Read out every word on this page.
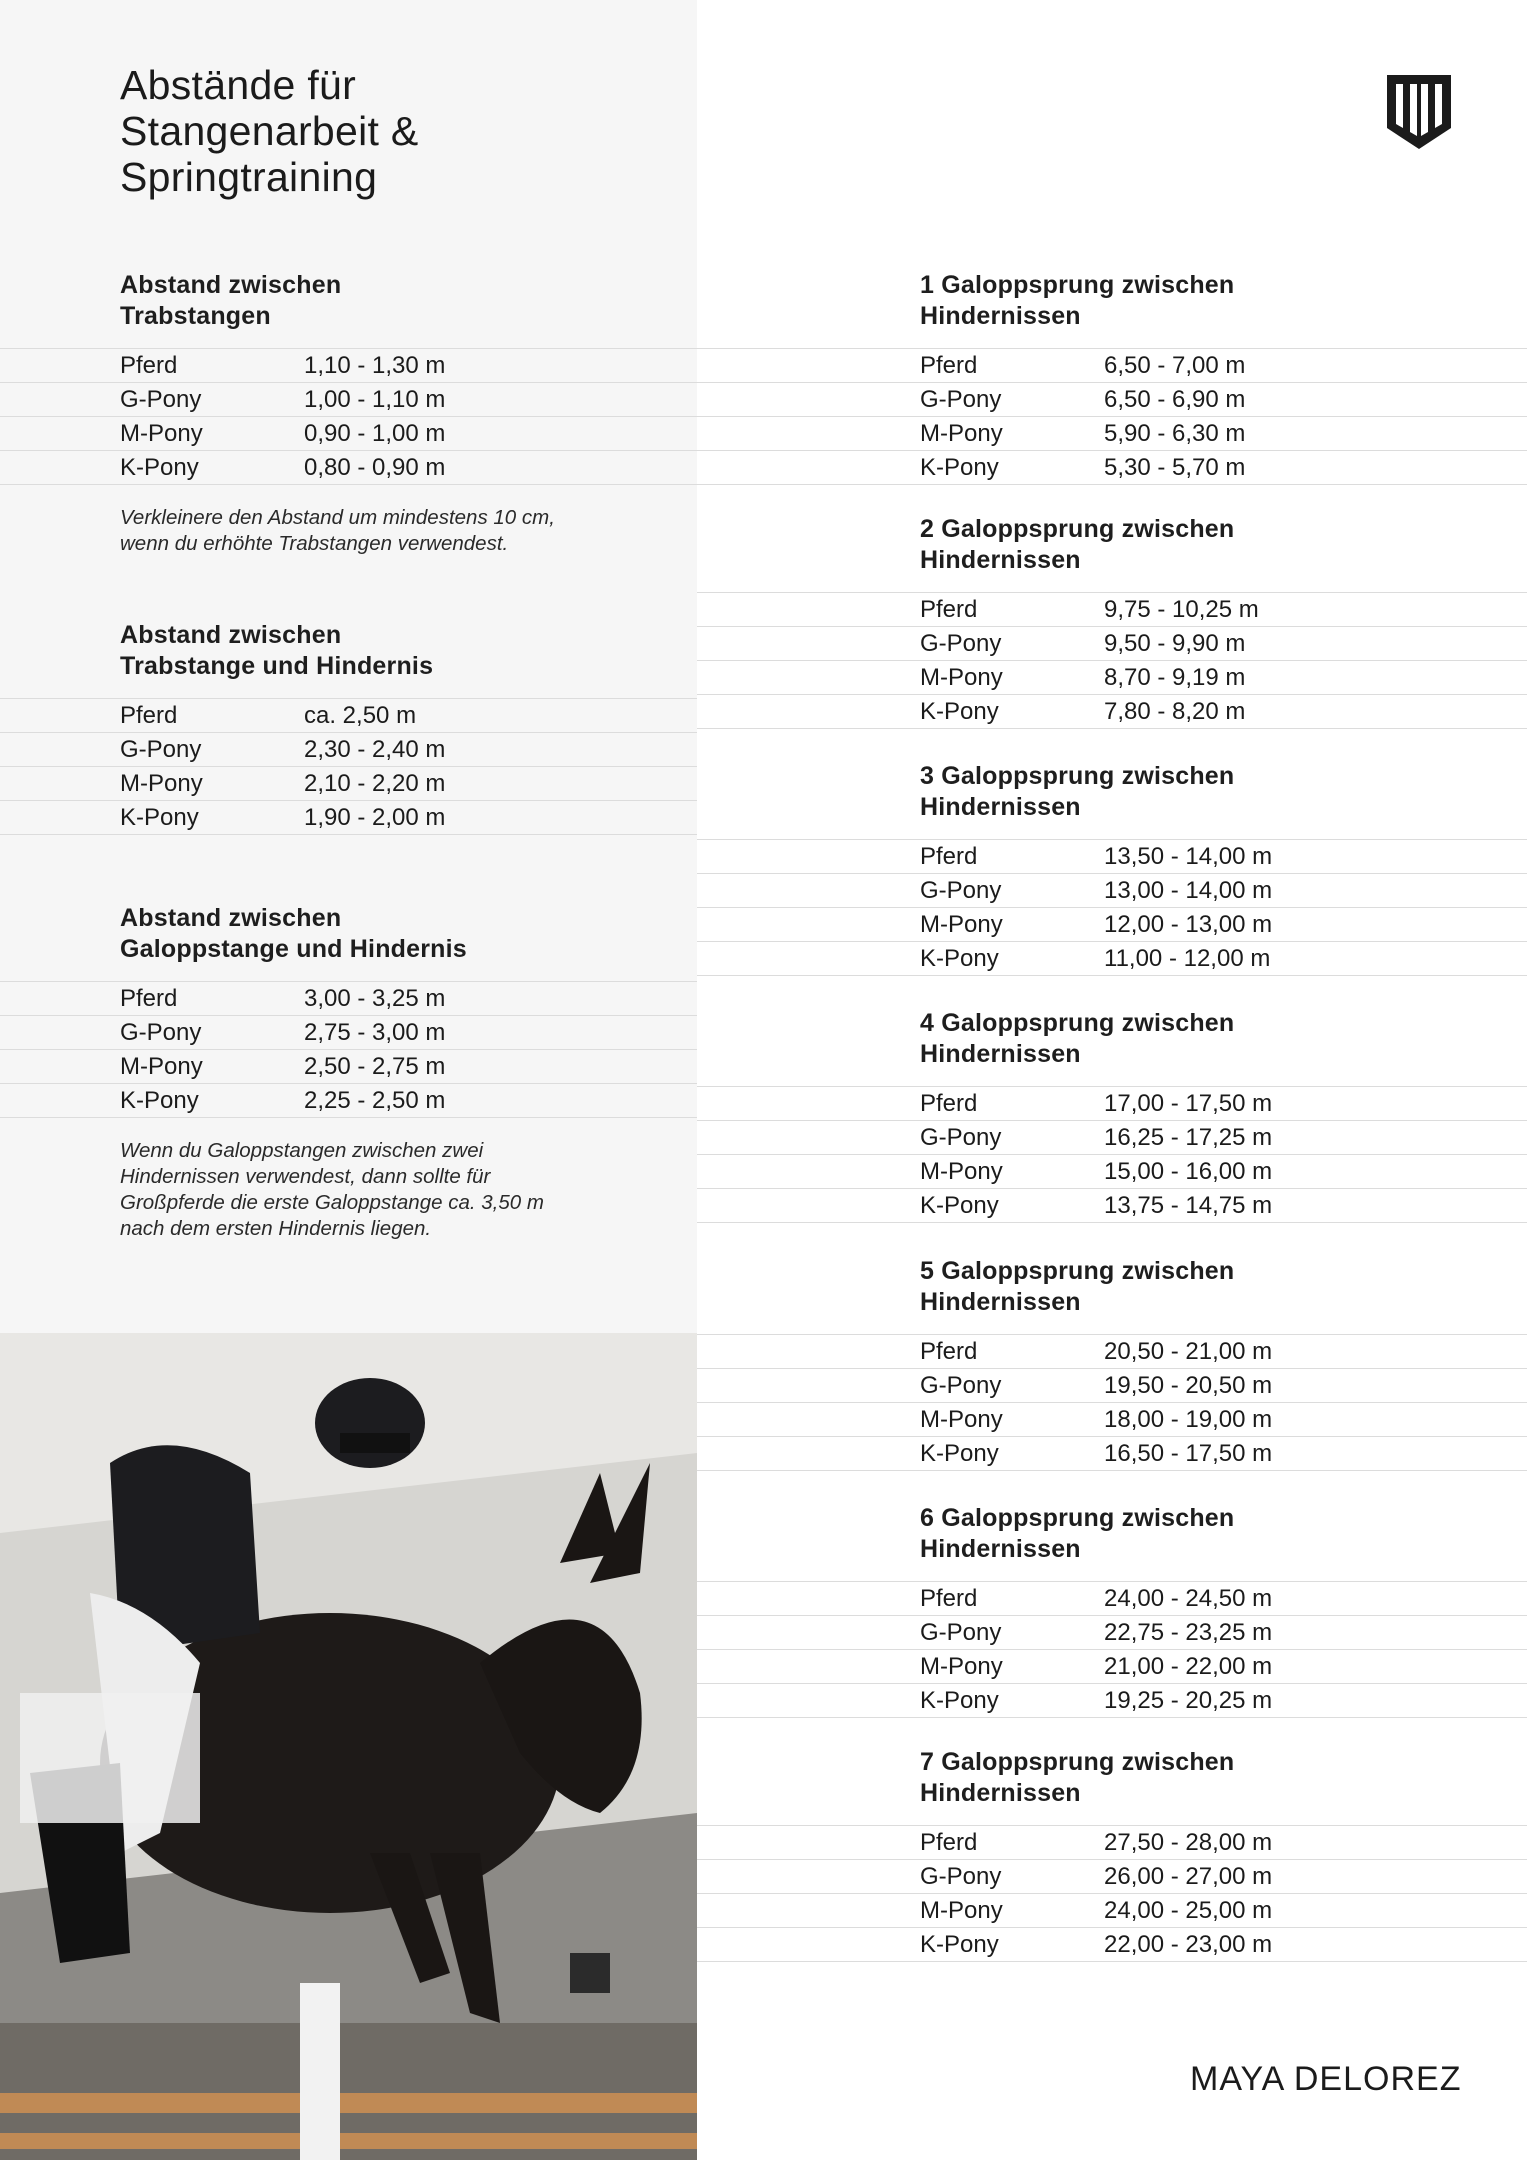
Abstände für
Stangenarbeit &
Springtraining
Abstand zwischen
Trabstangen
Pferd	1,10 - 1,30 m
G-Pony	1,00 - 1,10 m
M-Pony	0,90 - 1,00 m
K-Pony	0,80 - 0,90 m
Verkleinere den Abstand um mindestens 10 cm,
wenn du erhöhte Trabstangen verwendest.
Abstand zwischen
Trabstange und Hindernis
Pferd	ca. 2,50 m
G-Pony	2,30 - 2,40 m
M-Pony	2,10 - 2,20 m
K-Pony	1,90 - 2,00 m
Abstand zwischen
Galoppstange und Hindernis
Pferd	3,00 - 3,25 m
G-Pony	2,75 - 3,00 m
M-Pony	2,50 - 2,75 m
K-Pony	2,25 - 2,50 m
Wenn du Galoppstangen zwischen zwei
Hindernissen verwendest, dann sollte für
Großpferde die erste Galoppstange ca. 3,50 m
nach dem ersten Hindernis liegen.
1 Galoppsprung zwischen
Hindernissen
Pferd	6,50 - 7,00 m
G-Pony	6,50 - 6,90 m
M-Pony	5,90 - 6,30 m
K-Pony	5,30 - 5,70 m
2 Galoppsprung zwischen
Hindernissen
Pferd	9,75 - 10,25 m
G-Pony	9,50 - 9,90 m
M-Pony	8,70 - 9,19 m
K-Pony	7,80 - 8,20 m
3 Galoppsprung zwischen
Hindernissen
Pferd	13,50 - 14,00 m
G-Pony	13,00 - 14,00 m
M-Pony	12,00 - 13,00 m
K-Pony	11,00 - 12,00 m
4 Galoppsprung zwischen
Hindernissen
Pferd	17,00 - 17,50 m
G-Pony	16,25 - 17,25 m
M-Pony	15,00 - 16,00 m
K-Pony	13,75 - 14,75 m
5 Galoppsprung zwischen
Hindernissen
Pferd	20,50 - 21,00 m
G-Pony	19,50 - 20,50 m
M-Pony	18,00 - 19,00 m
K-Pony	16,50 - 17,50 m
6 Galoppsprung zwischen
Hindernissen
Pferd	24,00 - 24,50 m
G-Pony	22,75 - 23,25 m
M-Pony	21,00 - 22,00 m
K-Pony	19,25 - 20,25 m
7 Galoppsprung zwischen
Hindernissen
Pferd	27,50 - 28,00 m
G-Pony	26,00 - 27,00 m
M-Pony	24,00 - 25,00 m
K-Pony	22,00 - 23,00 m
MAYA DELOREZ
